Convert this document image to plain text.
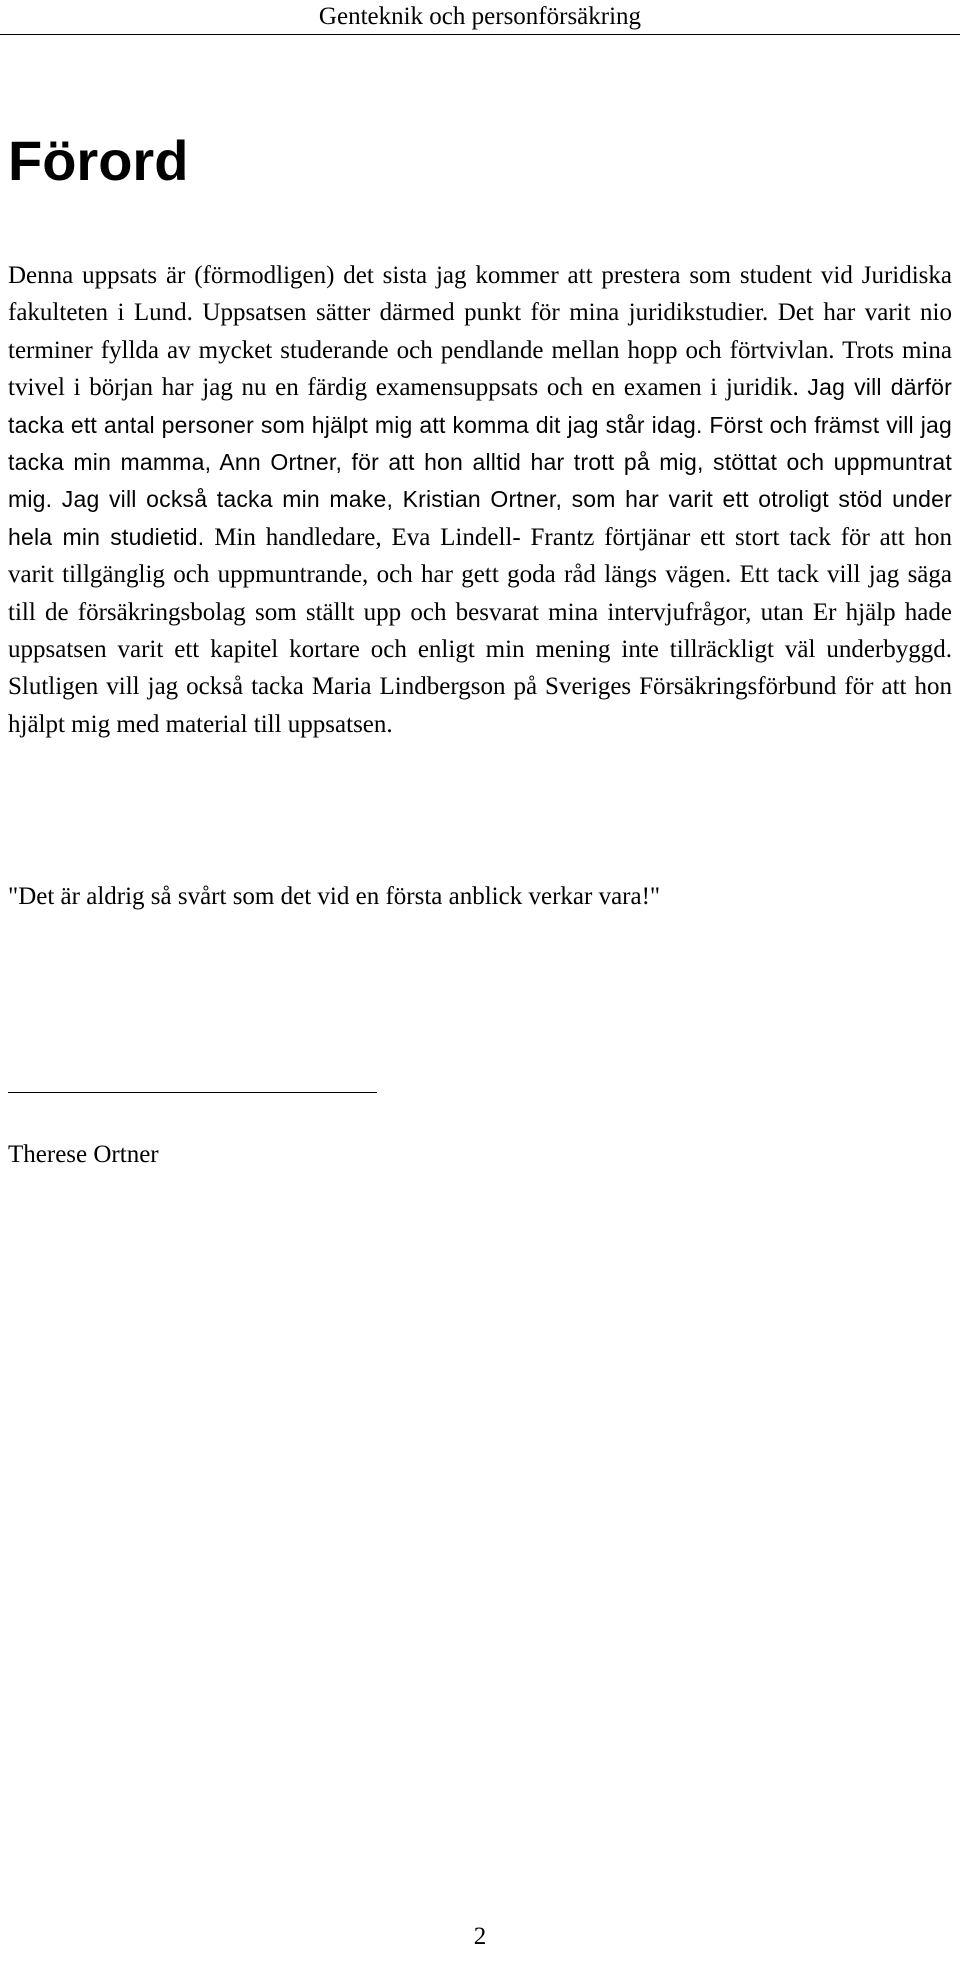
Genteknik och personförsäkring
Förord

Denna uppsats är (förmodligen) det sista jag kommer att prestera som student vid Juridiska fakulteten i Lund. Uppsatsen sätter därmed punkt för mina juridikstudier. Det har varit nio terminer fyllda av mycket studerande och pendlande mellan hopp och förtvivlan. Trots mina tvivel i början har jag nu en färdig examensuppsats och en examen i juridik. Jag vill därför tacka ett antal personer som hjälpt mig att komma dit jag står idag. Först och främst vill jag tacka min mamma, Ann Ortner, för att hon alltid har trott på mig, stöttat och uppmuntrat mig. Jag vill också tacka min make, Kristian Ortner, som har varit ett otroligt stöd under hela min studietid. Min handledare, Eva Lindell- Frantz förtjänar ett stort tack för att hon varit tillgänglig och uppmuntrande, och har gett goda råd längs vägen. Ett tack vill jag säga till de försäkringsbolag som ställt upp och besvarat mina intervjufrågor, utan Er hjälp hade uppsatsen varit ett kapitel kortare och enligt min mening inte tillräckligt väl underbyggd. Slutligen vill jag också tacka Maria Lindbergson på Sveriges Försäkringsförbund för att hon hjälpt mig med material till uppsatsen.

"Det är aldrig så svårt som det vid en första anblick verkar vara!"

Therese Ortner

2
